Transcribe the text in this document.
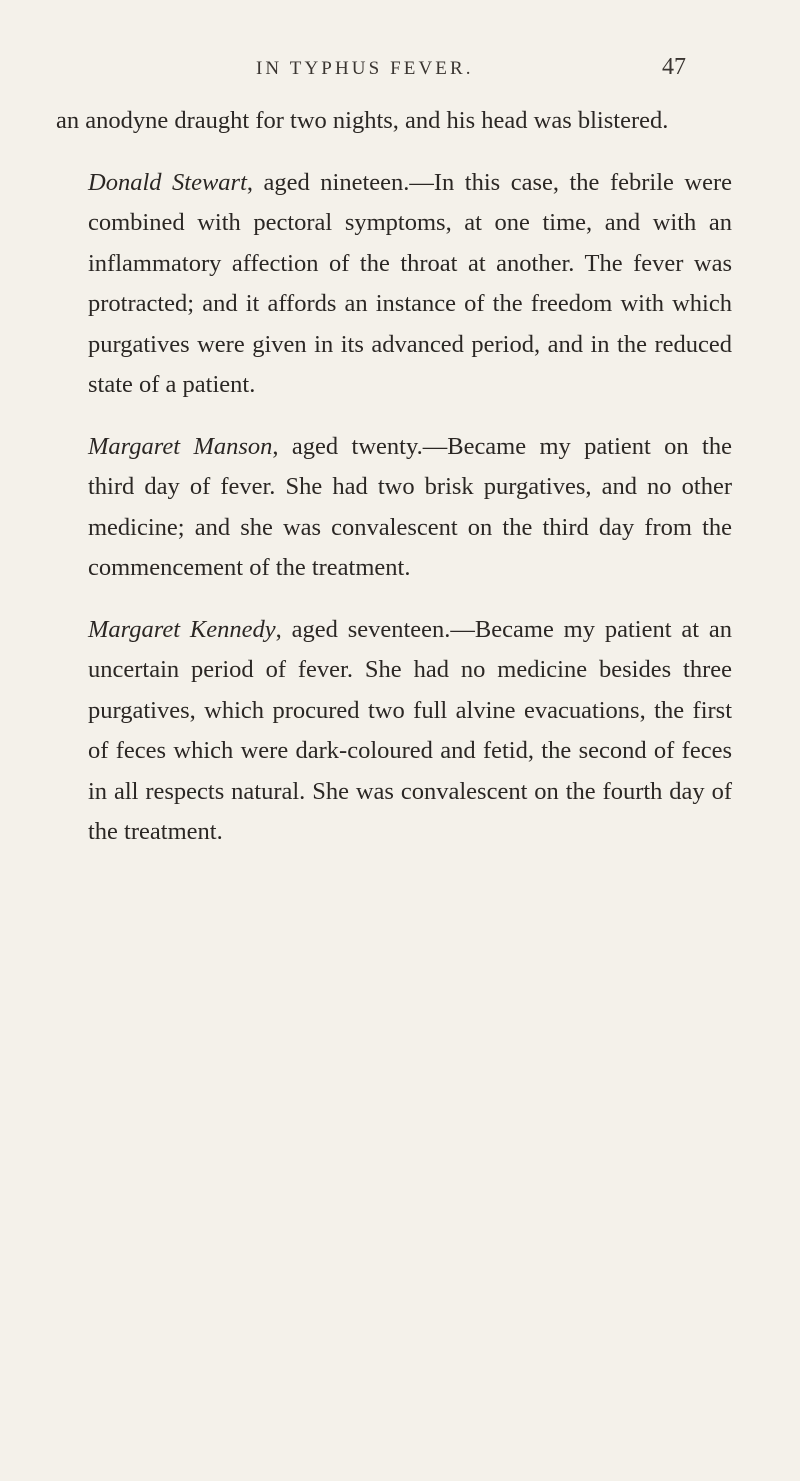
IN TYPHUS FEVER.	47

an anodyne draught for two nights, and his head was blistered.

Donald Stewart, aged nineteen.—In this case, the febrile were combined with pectoral symptoms, at one time, and with an inflammatory affection of the throat at another. The fever was protracted; and it affords an instance of the freedom with which purgatives were given in its advanced period, and in the reduced state of a patient.

Margaret Manson, aged twenty.—Became my patient on the third day of fever. She had two brisk purgatives, and no other medicine; and she was convalescent on the third day from the commencement of the treatment.

Margaret Kennedy, aged seventeen.—Became my patient at an uncertain period of fever. She had no medicine besides three purgatives, which procured two full alvine evacuations, the first of feces which were dark-coloured and fetid, the second of feces in all respects natural. She was convalescent on the fourth day of the treatment.
